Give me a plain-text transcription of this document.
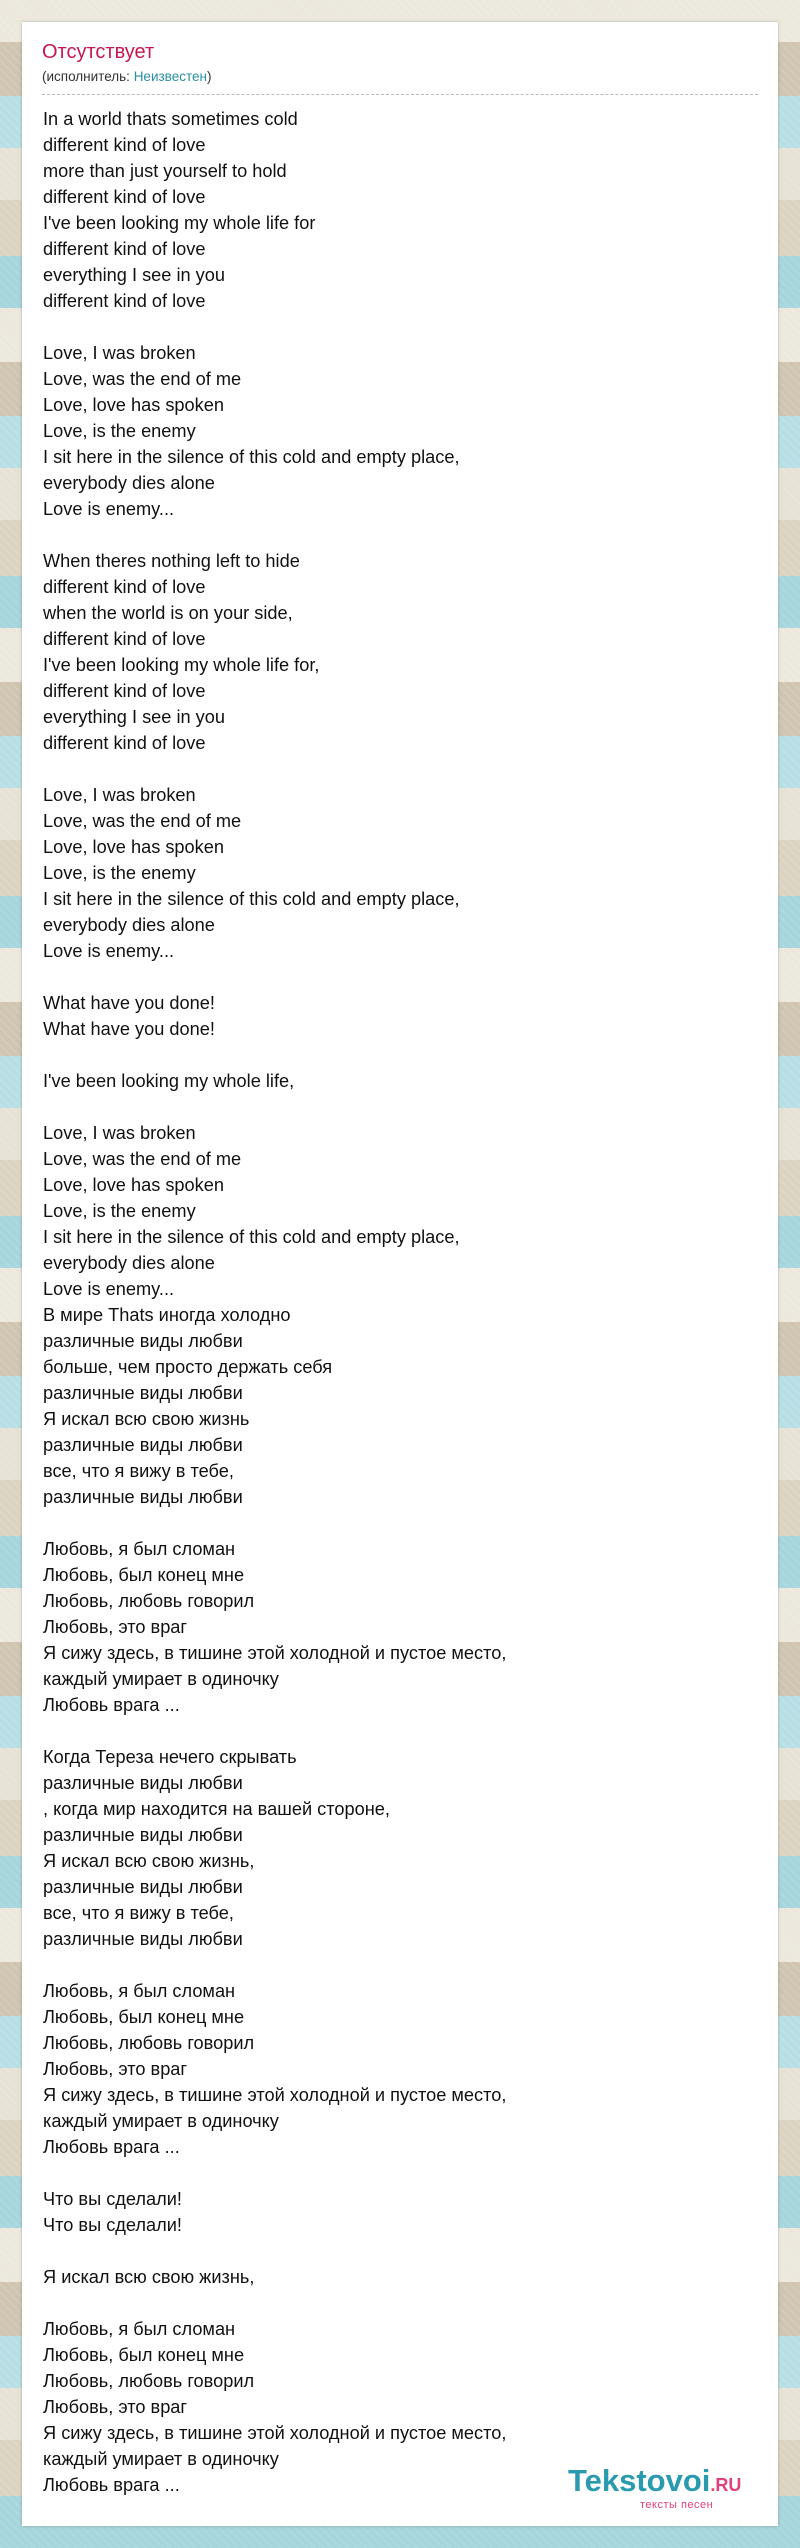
Отсутствует
(исполнитель: Неизвестен)
In a world thats sometimes cold
different kind of love
more than just yourself to hold
different kind of love
I've been looking my whole life for
different kind of love
everything I see in you
different kind of love
Love, I was broken
Love, was the end of me
Love, love has spoken
Love, is the enemy
I sit here in the silence of this cold and empty place,
everybody dies alone
Love is enemy...
When theres nothing left to hide
different kind of love
when the world is on your side,
different kind of love
I've been looking my whole life for,
different kind of love
everything I see in you
different kind of love
Love, I was broken
Love, was the end of me
Love, love has spoken
Love, is the enemy
I sit here in the silence of this cold and empty place,
everybody dies alone
Love is enemy...
What have you done!
What have you done!
I've been looking my whole life,
Love, I was broken
Love, was the end of me
Love, love has spoken
Love, is the enemy
I sit here in the silence of this cold and empty place,
everybody dies alone
Love is enemy...
В мире Thats иногда холодно
различные виды любви
больше, чем просто держать себя
различные виды любви
Я искал всю свою жизнь
различные виды любви
все, что я вижу в тебе,
различные виды любви
Любовь, я был сломан
Любовь, был конец мне
Любовь, любовь говорил
Любовь, это враг
Я сижу здесь, в тишине этой холодной и пустое место,
каждый умирает в одиночку
Любовь врага ...
Когда Тереза нечего скрывать
различные виды любви
, когда мир находится на вашей стороне,
различные виды любви
Я искал всю свою жизнь,
различные виды любви
все, что я вижу в тебе,
различные виды любви
Любовь, я был сломан
Любовь, был конец мне
Любовь, любовь говорил
Любовь, это враг
Я сижу здесь, в тишине этой холодной и пустое место,
каждый умирает в одиночку
Любовь врага ...
Что вы сделали!
Что вы сделали!
Я искал всю свою жизнь,
Любовь, я был сломан
Любовь, был конец мне
Любовь, любовь говорил
Любовь, это враг
Я сижу здесь, в тишине этой холодной и пустое место,
каждый умирает в одиночку
Любовь врага ...	Tekstovoi.RU
тексты песен
